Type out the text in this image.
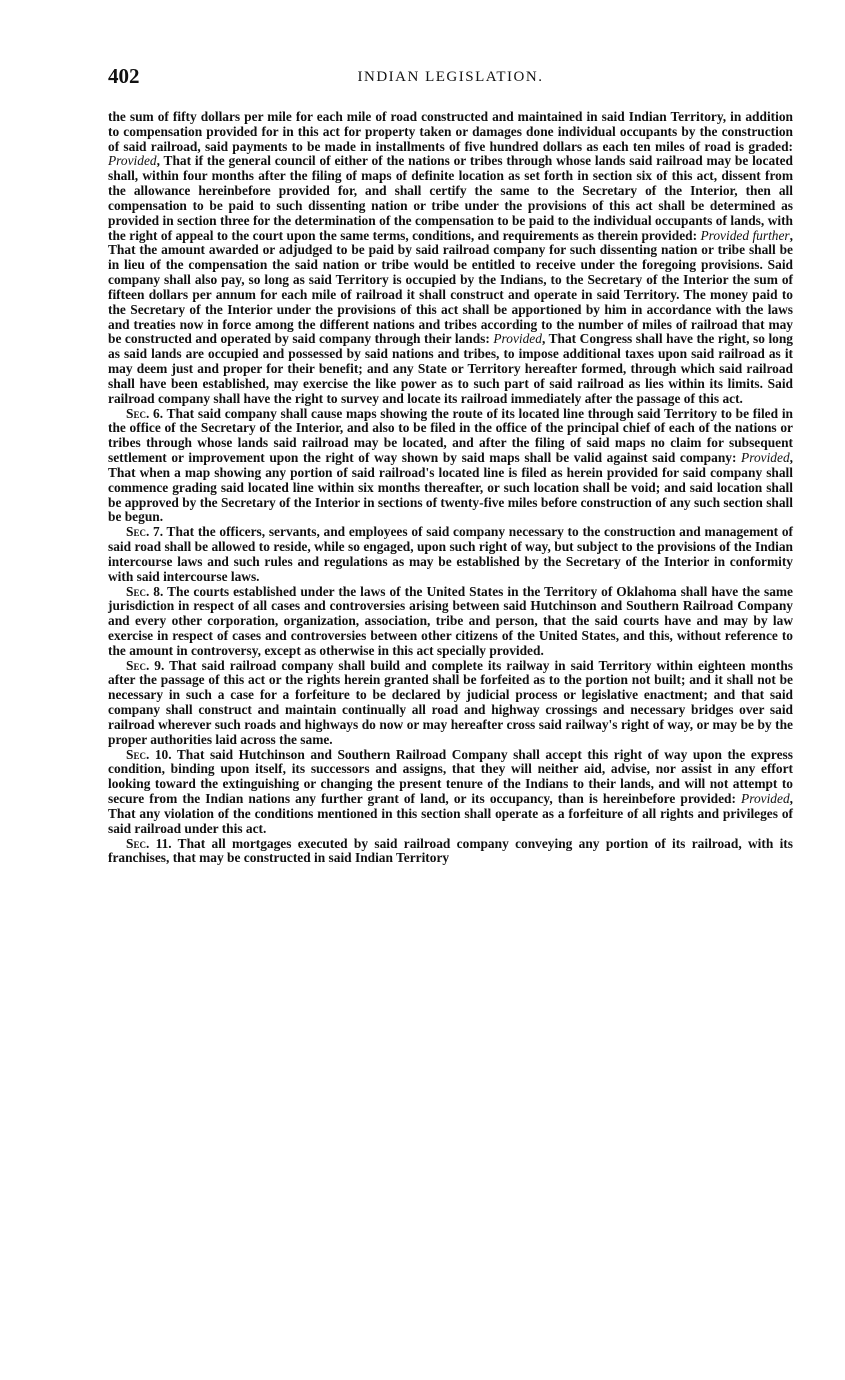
402	INDIAN LEGISLATION.

the sum of fifty dollars per mile for each mile of road constructed and maintained in said Indian Territory, in addition to compensation provided for in this act for property taken or damages done individual occupants by the construction of said railroad, said payments to be made in installments of five hundred dollars as each ten miles of road is graded: Provided, That if the general council of either of the nations or tribes through whose lands said railroad may be located shall, within four months after the filing of maps of definite location as set forth in section six of this act, dissent from the allowance hereinbefore provided for, and shall certify the same to the Secretary of the Interior, then all compensation to be paid to such dissenting nation or tribe under the provisions of this act shall be determined as provided in section three for the determination of the compensation to be paid to the individual occupants of lands, with the right of appeal to the court upon the same terms, conditions, and requirements as therein provided: Provided further, That the amount awarded or adjudged to be paid by said railroad company for such dissenting nation or tribe shall be in lieu of the compensation the said nation or tribe would be entitled to receive under the foregoing provisions. Said company shall also pay, so long as said Territory is occupied by the Indians, to the Secretary of the Interior the sum of fifteen dollars per annum for each mile of railroad it shall construct and operate in said Territory. The money paid to the Secretary of the Interior under the provisions of this act shall be apportioned by him in accordance with the laws and treaties now in force among the different nations and tribes according to the number of miles of railroad that may be constructed and operated by said company through their lands: Provided, That Congress shall have the right, so long as said lands are occupied and possessed by said nations and tribes, to impose additional taxes upon said railroad as it may deem just and proper for their benefit; and any State or Territory hereafter formed, through which said railroad shall have been established, may exercise the like power as to such part of said railroad as lies within its limits. Said railroad company shall have the right to survey and locate its railroad immediately after the passage of this act.

Sec. 6. That said company shall cause maps showing the route of its located line through said Territory to be filed in the office of the Secretary of the Interior, and also to be filed in the office of the principal chief of each of the nations or tribes through whose lands said railroad may be located, and after the filing of said maps no claim for subsequent settlement or improvement upon the right of way shown by said maps shall be valid against said company: Provided, That when a map showing any portion of said railroad's located line is filed as herein provided for said company shall commence grading said located line within six months thereafter, or such location shall be void; and said location shall be approved by the Secretary of the Interior in sections of twenty-five miles before construction of any such section shall be begun.

Sec. 7. That the officers, servants, and employees of said company necessary to the construction and management of said road shall be allowed to reside, while so engaged, upon such right of way, but subject to the provisions of the Indian intercourse laws and such rules and regulations as may be established by the Secretary of the Interior in conformity with said intercourse laws.

Sec. 8. The courts established under the laws of the United States in the Territory of Oklahoma shall have the same jurisdiction in respect of all cases and controversies arising between said Hutchinson and Southern Railroad Company and every other corporation, organization, association, tribe and person, that the said courts have and may by law exercise in respect of cases and controversies between other citizens of the United States, and this, without reference to the amount in controversy, except as otherwise in this act specially provided.

Sec. 9. That said railroad company shall build and complete its railway in said Territory within eighteen months after the passage of this act or the rights herein granted shall be forfeited as to the portion not built; and it shall not be necessary in such a case for a forfeiture to be declared by judicial process or legislative enactment; and that said company shall construct and maintain continually all road and highway crossings and necessary bridges over said railroad wherever such roads and highways do now or may hereafter cross said railway's right of way, or may be by the proper authorities laid across the same.

Sec. 10. That said Hutchinson and Southern Railroad Company shall accept this right of way upon the express condition, binding upon itself, its successors and assigns, that they will neither aid, advise, nor assist in any effort looking toward the extinguishing or changing the present tenure of the Indians to their lands, and will not attempt to secure from the Indian nations any further grant of land, or its occupancy, than is hereinbefore provided: Provided, That any violation of the conditions mentioned in this section shall operate as a forfeiture of all rights and privileges of said railroad under this act.

Sec. 11. That all mortgages executed by said railroad company conveying any portion of its railroad, with its franchises, that may be constructed in said Indian Territory
